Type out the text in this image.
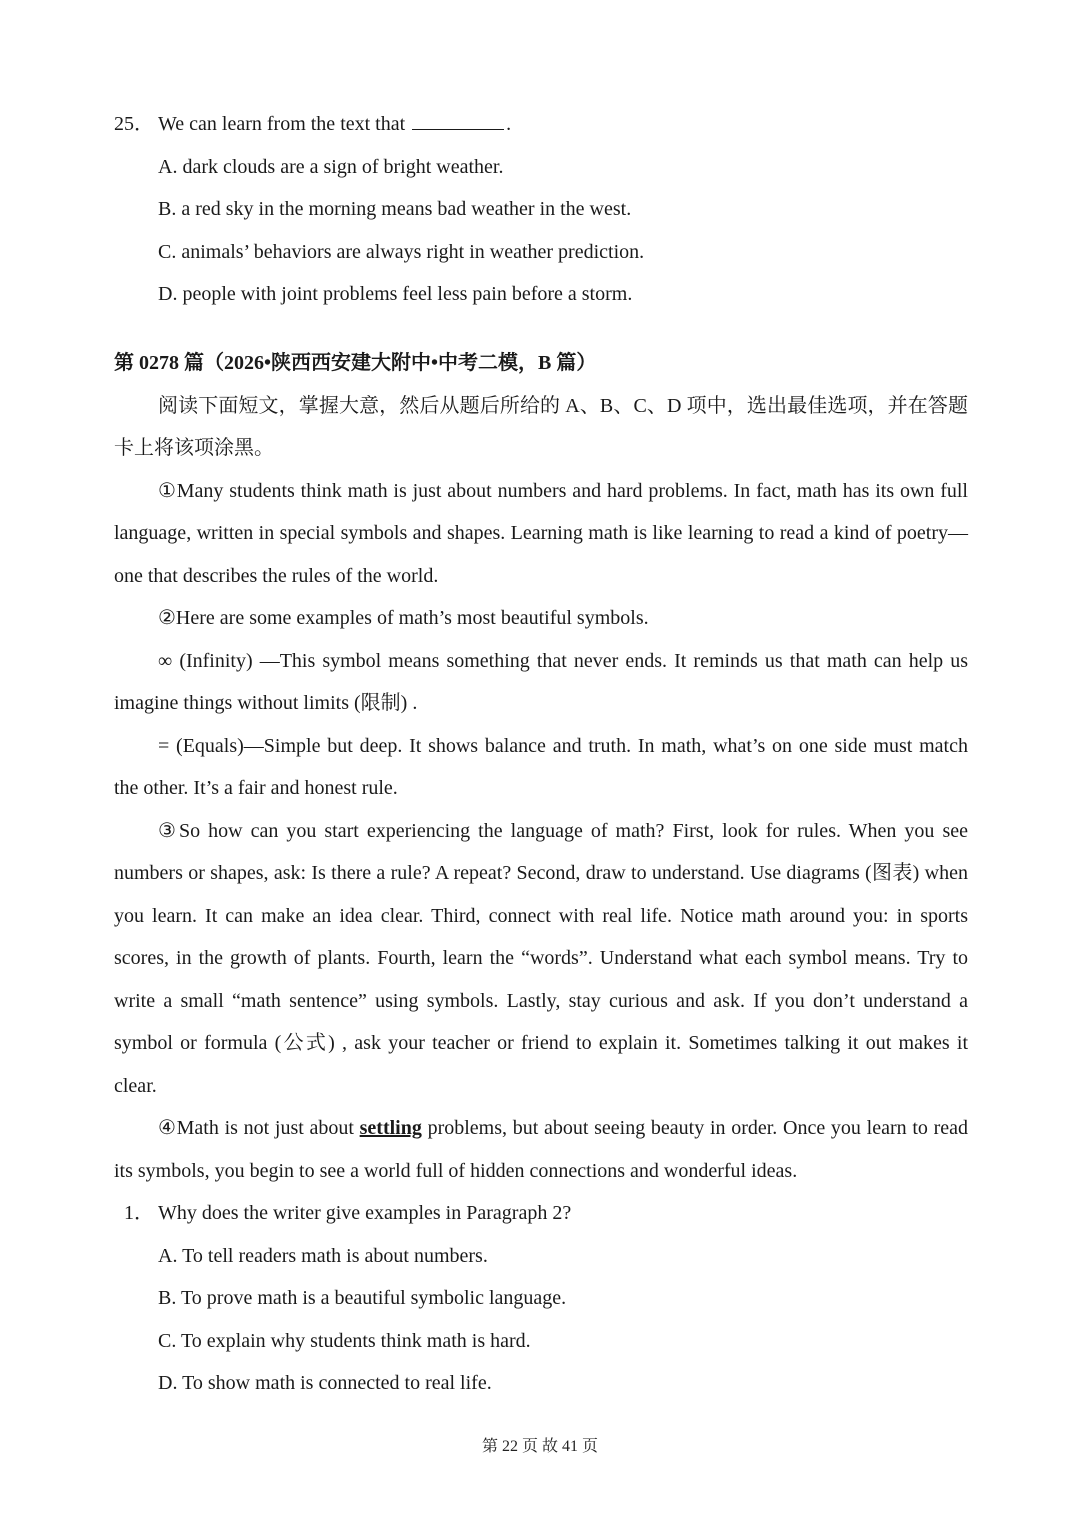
25． We can learn from the text that	.
A. dark clouds are a sign of bright weather.
B. a red sky in the morning means bad weather in the west.
C. animals’ behaviors are always right in weather prediction.
D. people with joint problems feel less pain before a storm.
第 0278 篇（2026•陕西西安建大附中•中考二模，B 篇）
阅读下面短文，掌握大意，然后从题后所给的 A、B、C、D 项中，选出最佳选项，并在答题卡上将该项涂黑。
①Many students think math is just about numbers and hard problems. In fact, math has its own full language, written in special symbols and shapes. Learning math is like learning to read a kind of poetry—one that describes the rules of the world.
②Here are some examples of math’s most beautiful symbols.
∞ (Infinity) —This symbol means something that never ends. It reminds us that math can help us imagine things without limits (限制) .
= (Equals)—Simple but deep. It shows balance and truth. In math, what’s on one side must match the other. It’s a fair and honest rule.
③So how can you start experiencing the language of math? First, look for rules. When you see numbers or shapes, ask: Is there a rule? A repeat? Second, draw to understand. Use diagrams (图表) when you learn. It can make an idea clear. Third, connect with real life. Notice math around you: in sports scores, in the growth of plants. Fourth, learn the “words”. Understand what each symbol means. Try to write a small “math sentence” using symbols. Lastly, stay curious and ask. If you don’t understand a symbol or formula (公式) , ask your teacher or friend to explain it. Sometimes talking it out makes it clear.
④Math is not just about settling problems, but about seeing beauty in order. Once you learn to read its symbols, you begin to see a world full of hidden connections and wonderful ideas.
1． Why does the writer give examples in Paragraph 2?
A. To tell readers math is about numbers.
B. To prove math is a beautiful symbolic language.
C. To explain why students think math is hard.
D. To show math is connected to real life.
第 22 页 故 41 页
